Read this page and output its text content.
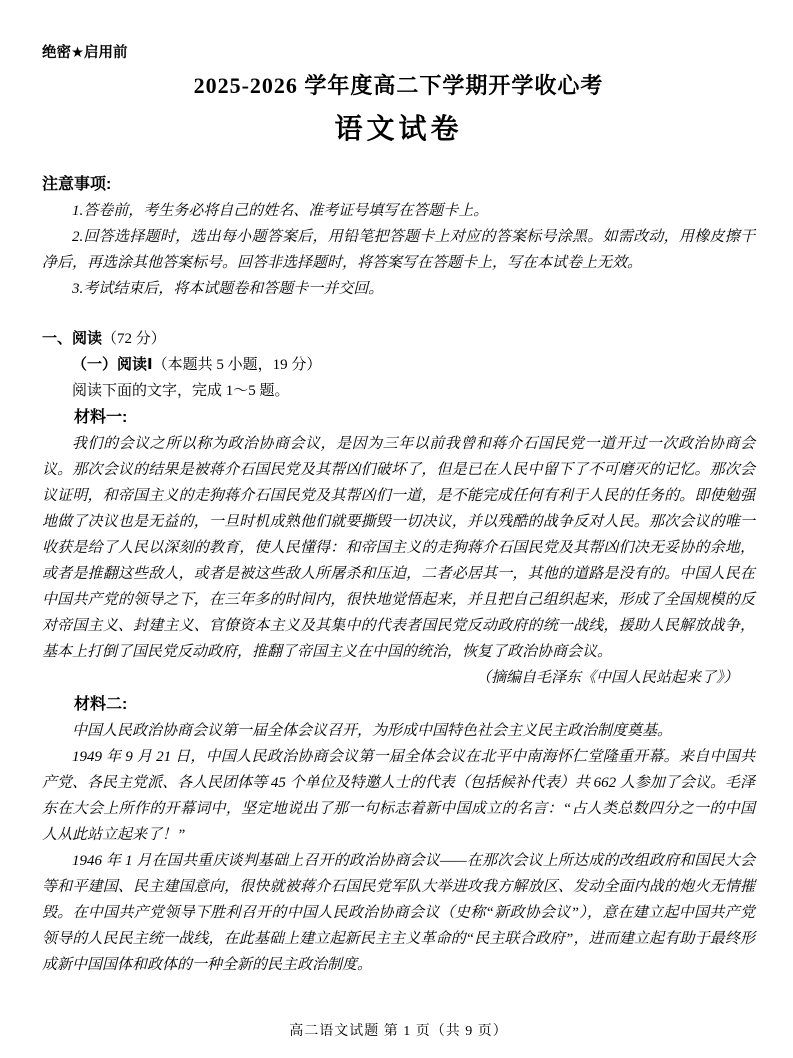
绝密★启用前
2025-2026 学年度高二下学期开学收心考
语文试卷

注意事项:

1.答卷前，考生务必将自己的姓名、准考证号填写在答题卡上。

2.回答选择题时，选出每小题答案后，用铅笔把答题卡上对应的答案标号涂黑。如需改动，用橡皮擦干净后，再选涂其他答案标号。回答非选择题时，将答案写在答题卡上，写在本试卷上无效。

3.考试结束后，将本试题卷和答题卡一并交回。

一、阅读（72 分）

（一）阅读Ⅰ（本题共 5 小题，19 分）

阅读下面的文字，完成 1～5 题。

材料一:

我们的会议之所以称为政治协商会议，是因为三年以前我曾和蒋介石国民党一道开过一次政治协商会议。那次会议的结果是被蒋介石国民党及其帮凶们破坏了，但是已在人民中留下了不可磨灭的记忆。那次会议证明，和帝国主义的走狗蒋介石国民党及其帮凶们一道，是不能完成任何有利于人民的任务的。即使勉强地做了决议也是无益的，一旦时机成熟他们就要撕毁一切决议，并以残酷的战争反对人民。那次会议的唯一收获是给了人民以深刻的教育，使人民懂得：和帝国主义的走狗蒋介石国民党及其帮凶们决无妥协的余地，或者是推翻这些敌人，或者是被这些敌人所屠杀和压迫，二者必居其一，其他的道路是没有的。中国人民在中国共产党的领导之下，在三年多的时间内，很快地觉悟起来，并且把自己组织起来，形成了全国规模的反对帝国主义、封建主义、官僚资本主义及其集中的代表者国民党反动政府的统一战线，援助人民解放战争，基本上打倒了国民党反动政府，推翻了帝国主义在中国的统治，恢复了政治协商会议。

（摘编自毛泽东《中国人民站起来了》）

材料二:

中国人民政治协商会议第一届全体会议召开，为形成中国特色社会主义民主政治制度奠基。

1949 年 9 月 21 日，中国人民政治协商会议第一届全体会议在北平中南海怀仁堂隆重开幕。来自中国共产党、各民主党派、各人民团体等 45 个单位及特邀人士的代表（包括候补代表）共 662 人参加了会议。毛泽东在大会上所作的开幕词中，坚定地说出了那一句标志着新中国成立的名言：“占人类总数四分之一的中国人从此站立起来了！”

1946 年 1 月在国共重庆谈判基础上召开的政治协商会议——在那次会议上所达成的改组政府和国民大会等和平建国、民主建国意向，很快就被蒋介石国民党军队大举进攻我方解放区、发动全面内战的炮火无情摧毁。在中国共产党领导下胜利召开的中国人民政治协商会议（史称“新政协会议”），意在建立起中国共产党领导的人民民主统一战线，在此基础上建立起新民主主义革命的“民主联合政府”，进而建立起有助于最终形成新中国国体和政体的一种全新的民主政治制度。

高二语文试题 第 1 页（共 9 页）
